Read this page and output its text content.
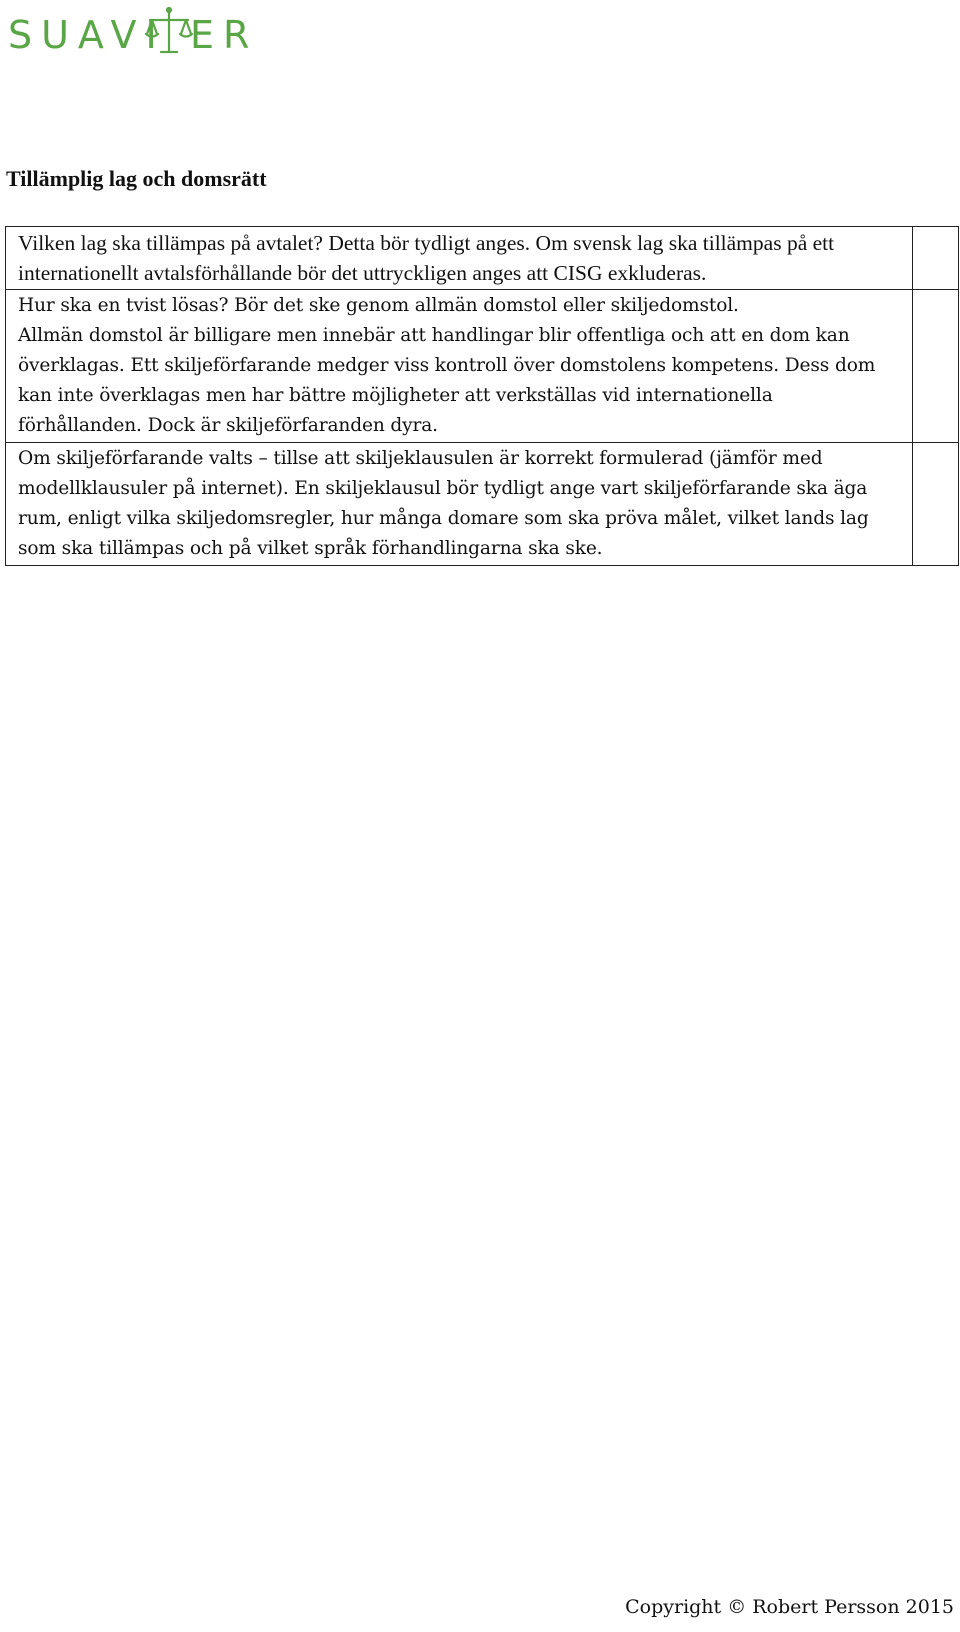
SUAVI ER
Tillämplig lag och domsrätt

Vilken lag ska tillämpas på avtalet? Detta bör tydligt anges. Om svensk lag ska tillämpas på ett internationellt avtalsförhållande bör det uttryckligen anges att CISG exkluderas.	

Hur ska en tvist lösas? Bör det ske genom allmän domstol eller skiljedomstol.

Allmän domstol är billigare men innebär att handlingar blir offentliga och att en dom kan överklagas. Ett skiljeförfarande medger viss kontroll över domstolens kompetens. Dess dom kan inte överklagas men har bättre möjligheter att verkställas vid internationella förhållanden. Dock är skiljeförfaranden dyra.	

Om skiljeförfarande valts – tillse att skiljeklausulen är korrekt formulerad (jämför med modellklausuler på internet). En skiljeklausul bör tydligt ange vart skiljeförfarande ska äga rum, enligt vilka skiljedomsregler, hur många domare som ska pröva målet, vilket lands lag som ska tillämpas och på vilket språk förhandlingarna ska ske.	

Copyright © Robert Persson 2015
